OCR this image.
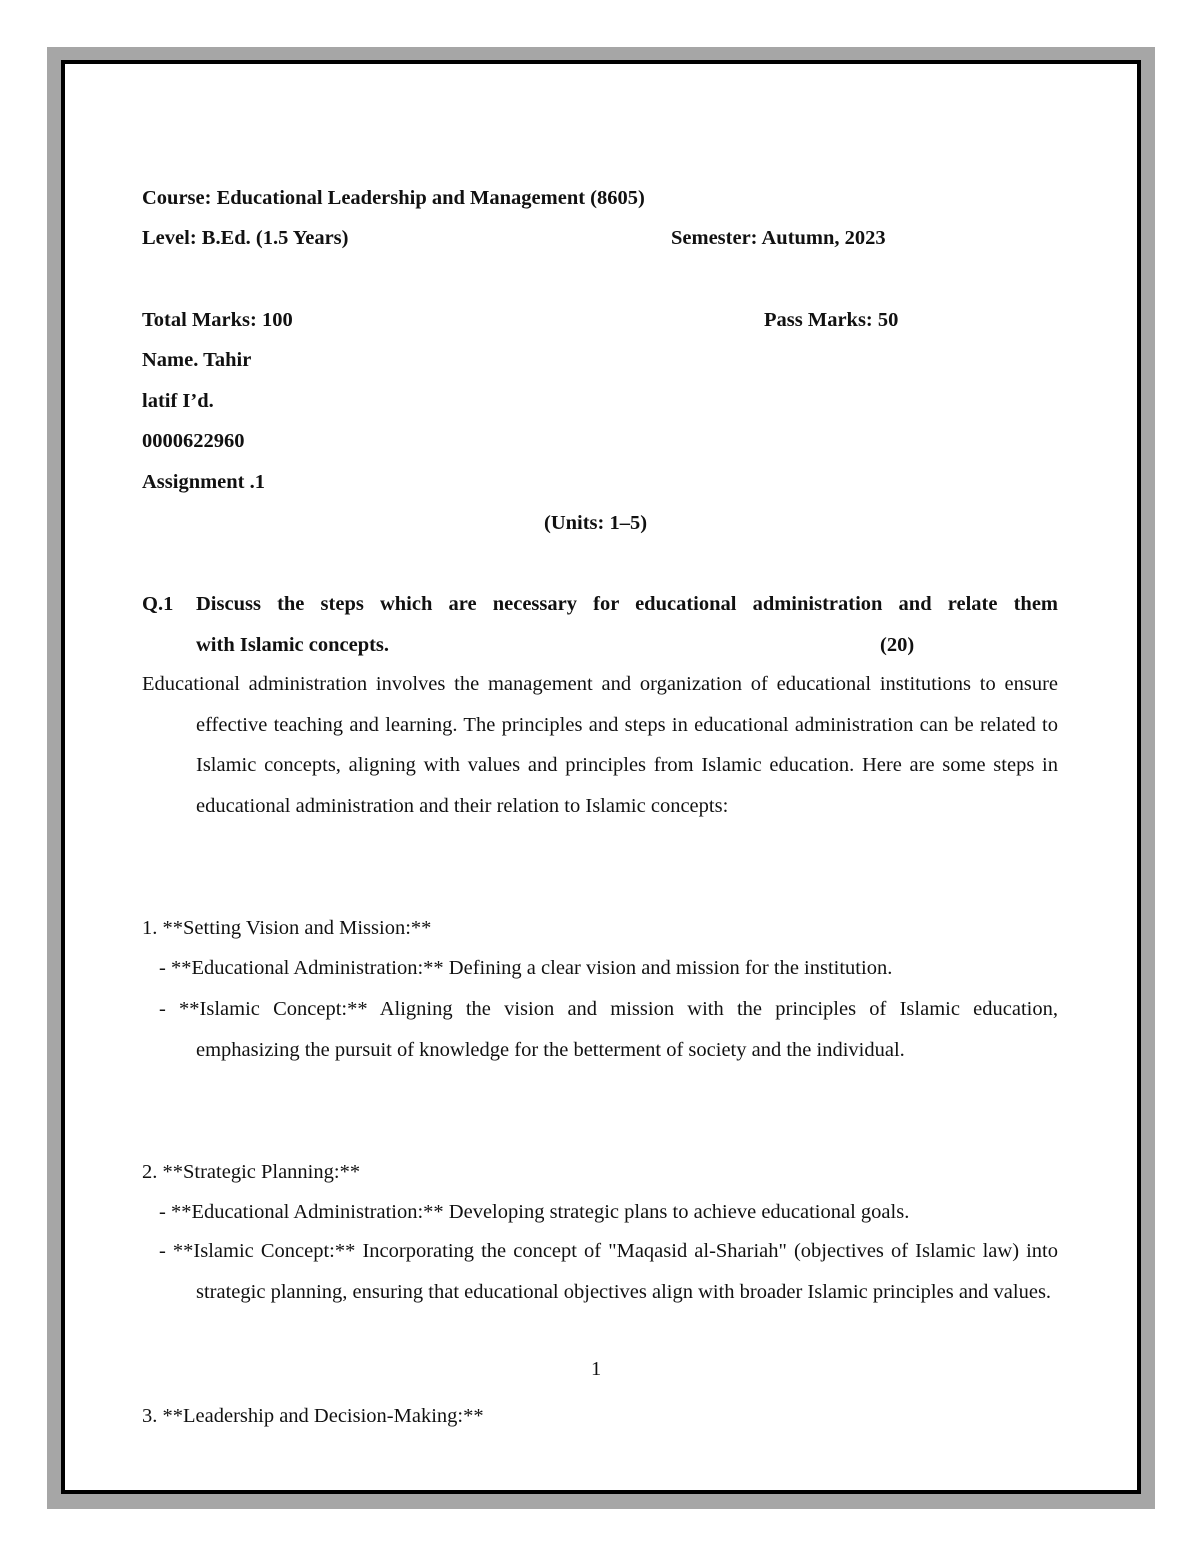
Course: Educational Leadership and Management (8605)
Level: B.Ed. (1.5 Years)	Semester: Autumn, 2023
Total Marks: 100	Pass Marks: 50
Name. Tahir
latif I’d.
0000622960
Assignment .1
(Units: 1–5)
Q.1 Discuss the steps which are necessary for educational administration and relate them
with Islamic concepts.	(20)
Educational administration involves the management and organization of educational institutions to ensure effective teaching and learning. The principles and steps in educational administration can be related to Islamic concepts, aligning with values and principles from Islamic education. Here are some steps in educational administration and their relation to Islamic concepts:
1. **Setting Vision and Mission:**
- **Educational Administration:** Defining a clear vision and mission for the institution.
- **Islamic Concept:** Aligning the vision and mission with the principles of Islamic education, emphasizing the pursuit of knowledge for the betterment of society and the individual.
2. **Strategic Planning:**
- **Educational Administration:** Developing strategic plans to achieve educational goals.
- **Islamic Concept:** Incorporating the concept of "Maqasid al-Shariah" (objectives of Islamic law) into strategic planning, ensuring that educational objectives align with broader Islamic principles and values.
1
3. **Leadership and Decision-Making:**
